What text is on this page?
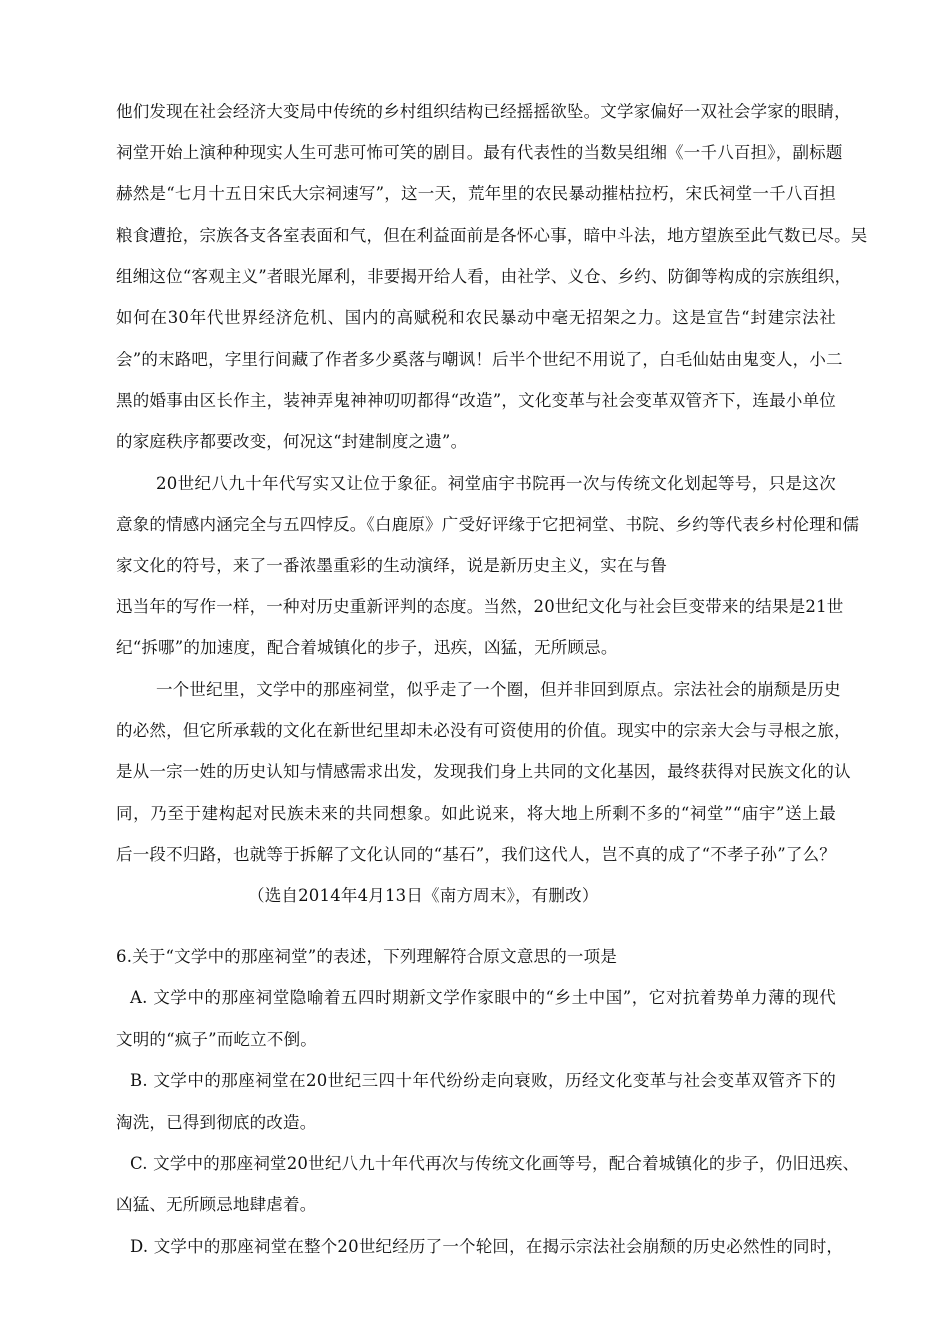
他们发现在社会经济大变局中传统的乡村组织结构已经摇摇欲坠。文学家偏好一双社会学家的眼睛，
祠堂开始上演种种现实人生可悲可怖可笑的剧目。最有代表性的当数吴组缃《一千八百担》，副标题
赫然是“七月十五日宋氏大宗祠速写”，这一天，荒年里的农民暴动摧枯拉朽，宋氏祠堂一千八百担
粮食遭抢，宗族各支各室表面和气，但在利益面前是各怀心事，暗中斗法，地方望族至此气数已尽。吴
组缃这位“客观主义”者眼光犀利，非要揭开给人看，由社学、义仓、乡约、防御等构成的宗族组织，
如何在30年代世界经济危机、国内的高赋税和农民暴动中毫无招架之力。这是宣告“封建宗法社
会”的末路吧，字里行间藏了作者多少奚落与嘲讽！后半个世纪不用说了，白毛仙姑由鬼变人，小二
黑的婚事由区长作主，装神弄鬼神神叨叨都得“改造”，文化变革与社会变革双管齐下，连最小单位
的家庭秩序都要改变，何况这“封建制度之遗”。
20世纪八九十年代写实又让位于象征。祠堂庙宇书院再一次与传统文化划起等号，只是这次
意象的情感内涵完全与五四悖反。《白鹿原》广受好评缘于它把祠堂、书院、乡约等代表乡村伦理和儒
家文化的符号，来了一番浓墨重彩的生动演绎，说是新历史主义，实在与鲁
迅当年的写作一样，一种对历史重新评判的态度。当然，20世纪文化与社会巨变带来的结果是21世
纪“拆哪”的加速度，配合着城镇化的步子，迅疾，凶猛，无所顾忌。
一个世纪里，文学中的那座祠堂，似乎走了一个圈，但并非回到原点。宗法社会的崩颓是历史
的必然，但它所承载的文化在新世纪里却未必没有可资使用的价值。现实中的宗亲大会与寻根之旅，
是从一宗一姓的历史认知与情感需求出发，发现我们身上共同的文化基因，最终获得对民族文化的认
同，乃至于建构起对民族未来的共同想象。如此说来，将大地上所剩不多的“祠堂”“庙宇”送上最
后一段不归路，也就等于拆解了文化认同的“基石”，我们这代人，岂不真的成了“不孝子孙”了么？
（选自2014年4月13日《南方周末》，有删改）
6.关于“文学中的那座祠堂”的表述，下列理解符合原文意思的一项是
A. 文学中的那座祠堂隐喻着五四时期新文学作家眼中的“乡土中国”，它对抗着势单力薄的现代
文明的“疯子”而屹立不倒。
B. 文学中的那座祠堂在20世纪三四十年代纷纷走向衰败，历经文化变革与社会变革双管齐下的
淘洗，已得到彻底的改造。
C. 文学中的那座祠堂20世纪八九十年代再次与传统文化画等号，配合着城镇化的步子，仍旧迅疾、
凶猛、无所顾忌地肆虐着。
D. 文学中的那座祠堂在整个20世纪经历了一个轮回，在揭示宗法社会崩颓的历史必然性的同时，
